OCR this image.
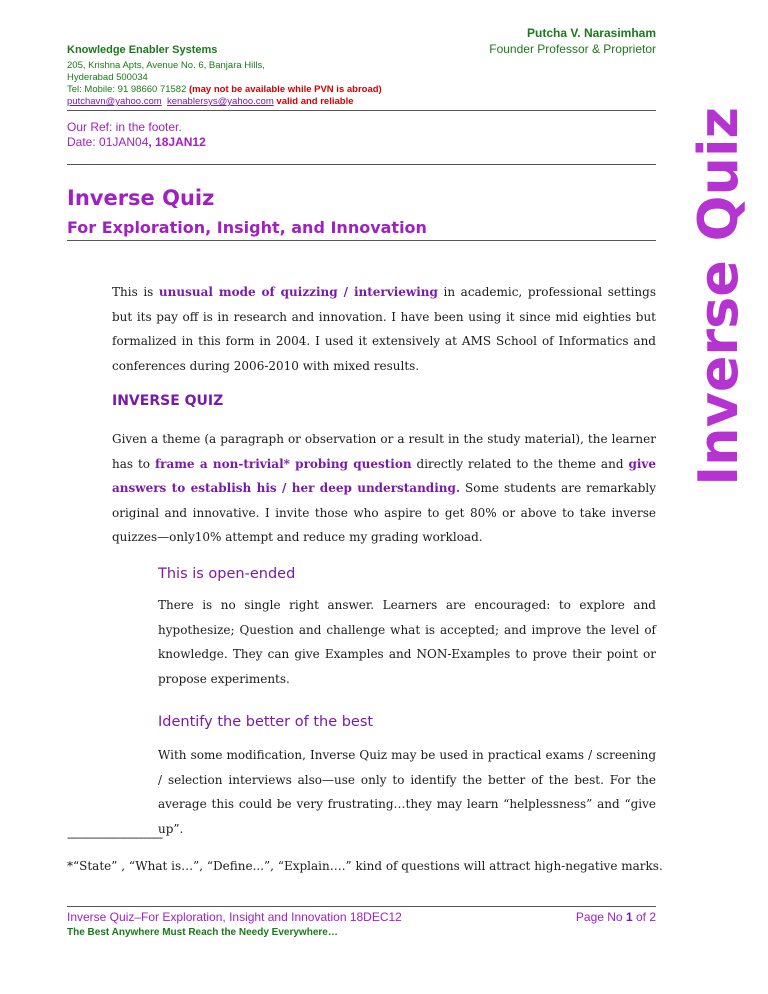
Putcha V. Narasimham
Founder Professor & Proprietor
Knowledge Enabler Systems
205, Krishna Apts, Avenue No. 6, Banjara Hills,
Hyderabad 500034
Tel: Mobile: 91 98660 71582 (may not be available while PVN is abroad)
putchavn@yahoo.com kenablersys@yahoo.com valid and reliable
Our Ref: in the footer.
Date: 01JAN04, 18JAN12
Inverse Quiz
For Exploration, Insight, and Innovation	Inverse Quiz
This is unusual mode of quizzing / interviewing in academic, professional settings but its pay off is in research and innovation. I have been using it since mid eighties but formalized in this form in 2004. I used it extensively at AMS School of Informatics and conferences during 2006-2010 with mixed results.
INVERSE QUIZ
Given a theme (a paragraph or observation or a result in the study material), the learner has to frame a non-trivial* probing question directly related to the theme and give answers to establish his / her deep understanding. Some students are remarkably original and innovative. I invite those who aspire to get 80% or above to take inverse quizzes—only10% attempt and reduce my grading workload.
This is open-ended
There is no single right answer. Learners are encouraged: to explore and hypothesize; Question and challenge what is accepted; and improve the level of knowledge. They can give Examples and NON-Examples to prove their point or propose experiments.
Identify the better of the best
With some modification, Inverse Quiz may be used in practical exams / screening / selection interviews also—use only to identify the better of the best. For the average this could be very frustrating…they may learn “helplessness” and “give up”.
-----------------------------------
*“State” , “What is…”, “Define...”, “Explain….” kind of questions will attract high-negative marks.
Inverse Quiz–For Exploration, Insight and Innovation 18DEC12	Page No 1 of 2
The Best Anywhere Must Reach the Needy Everywhere…
